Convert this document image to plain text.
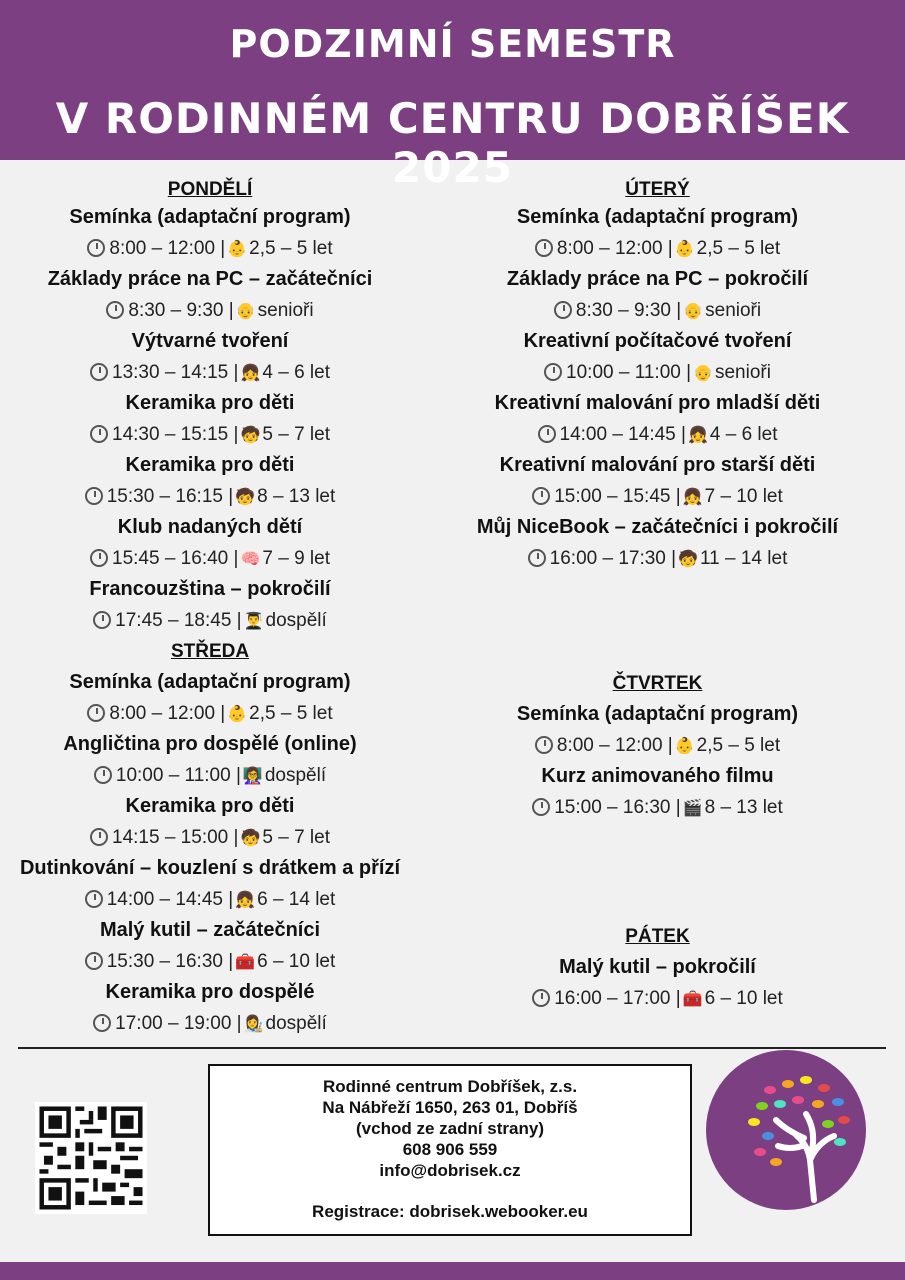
PODZIMNÍ SEMESTR
V RODINNÉM CENTRU DOBŘÍŠEK 2025
PONDĚLÍ
Semínka (adaptační program)
8:00 – 12:00 | 👶 2,5 – 5 let
Základy práce na PC – začátečníci
8:30 – 9:30 | 👴 senioři
Výtvarné tvoření
13:30 – 14:15 | 👧 4 – 6 let
Keramika pro děti
14:30 – 15:15 | 🧒 5 – 7 let
Keramika pro děti
15:30 – 16:15 | 🧒 8 – 13 let
Klub nadaných dětí
15:45 – 16:40 | 🧠 7 – 9 let
Francouzština – pokročilí
17:45 – 18:45 | 👨‍🎓 dospělí
STŘEDA
Semínka (adaptační program)
8:00 – 12:00 | 👶 2,5 – 5 let
Angličtina pro dospělé (online)
10:00 – 11:00 | 👩‍🏫 dospělí
Keramika pro děti
14:15 – 15:00 | 🧒 5 – 7 let
Dutinkování – kouzlení s drátkem a přízí
14:00 – 14:45 | 👧 6 – 14 let
Malý kutil – začátečníci
15:30 – 16:30 | 🧰 6 – 10 let
Keramika pro dospělé
17:00 – 19:00 | 👩‍🎨 dospělí
ÚTERÝ
Semínka (adaptační program)
8:00 – 12:00 | 👶 2,5 – 5 let
Základy práce na PC – pokročilí
8:30 – 9:30 | 👴 senioři
Kreativní počítačové tvoření
10:00 – 11:00 | 👴 senioři
Kreativní malování pro mladší děti
14:00 – 14:45 | 👧 4 – 6 let
Kreativní malování pro starší děti
15:00 – 15:45 | 👧 7 – 10 let
Můj NiceBook – začátečníci i pokročilí
16:00 – 17:30 | 🧒 11 – 14 let
ČTVRTEK
Semínka (adaptační program)
8:00 – 12:00 | 👶 2,5 – 5 let
Kurz animovaného filmu
15:00 – 16:30 | 🎬 8 – 13 let
PÁTEK
Malý kutil – pokročilí
16:00 – 17:00 | 🧰 6 – 10 let
Rodinné centrum Dobříšek, z.s.
Na Nábřeží 1650, 263 01, Dobříš
(vchod ze zadní strany)
608 906 559
info@dobrisek.cz
Registrace: dobrisek.webooker.eu
